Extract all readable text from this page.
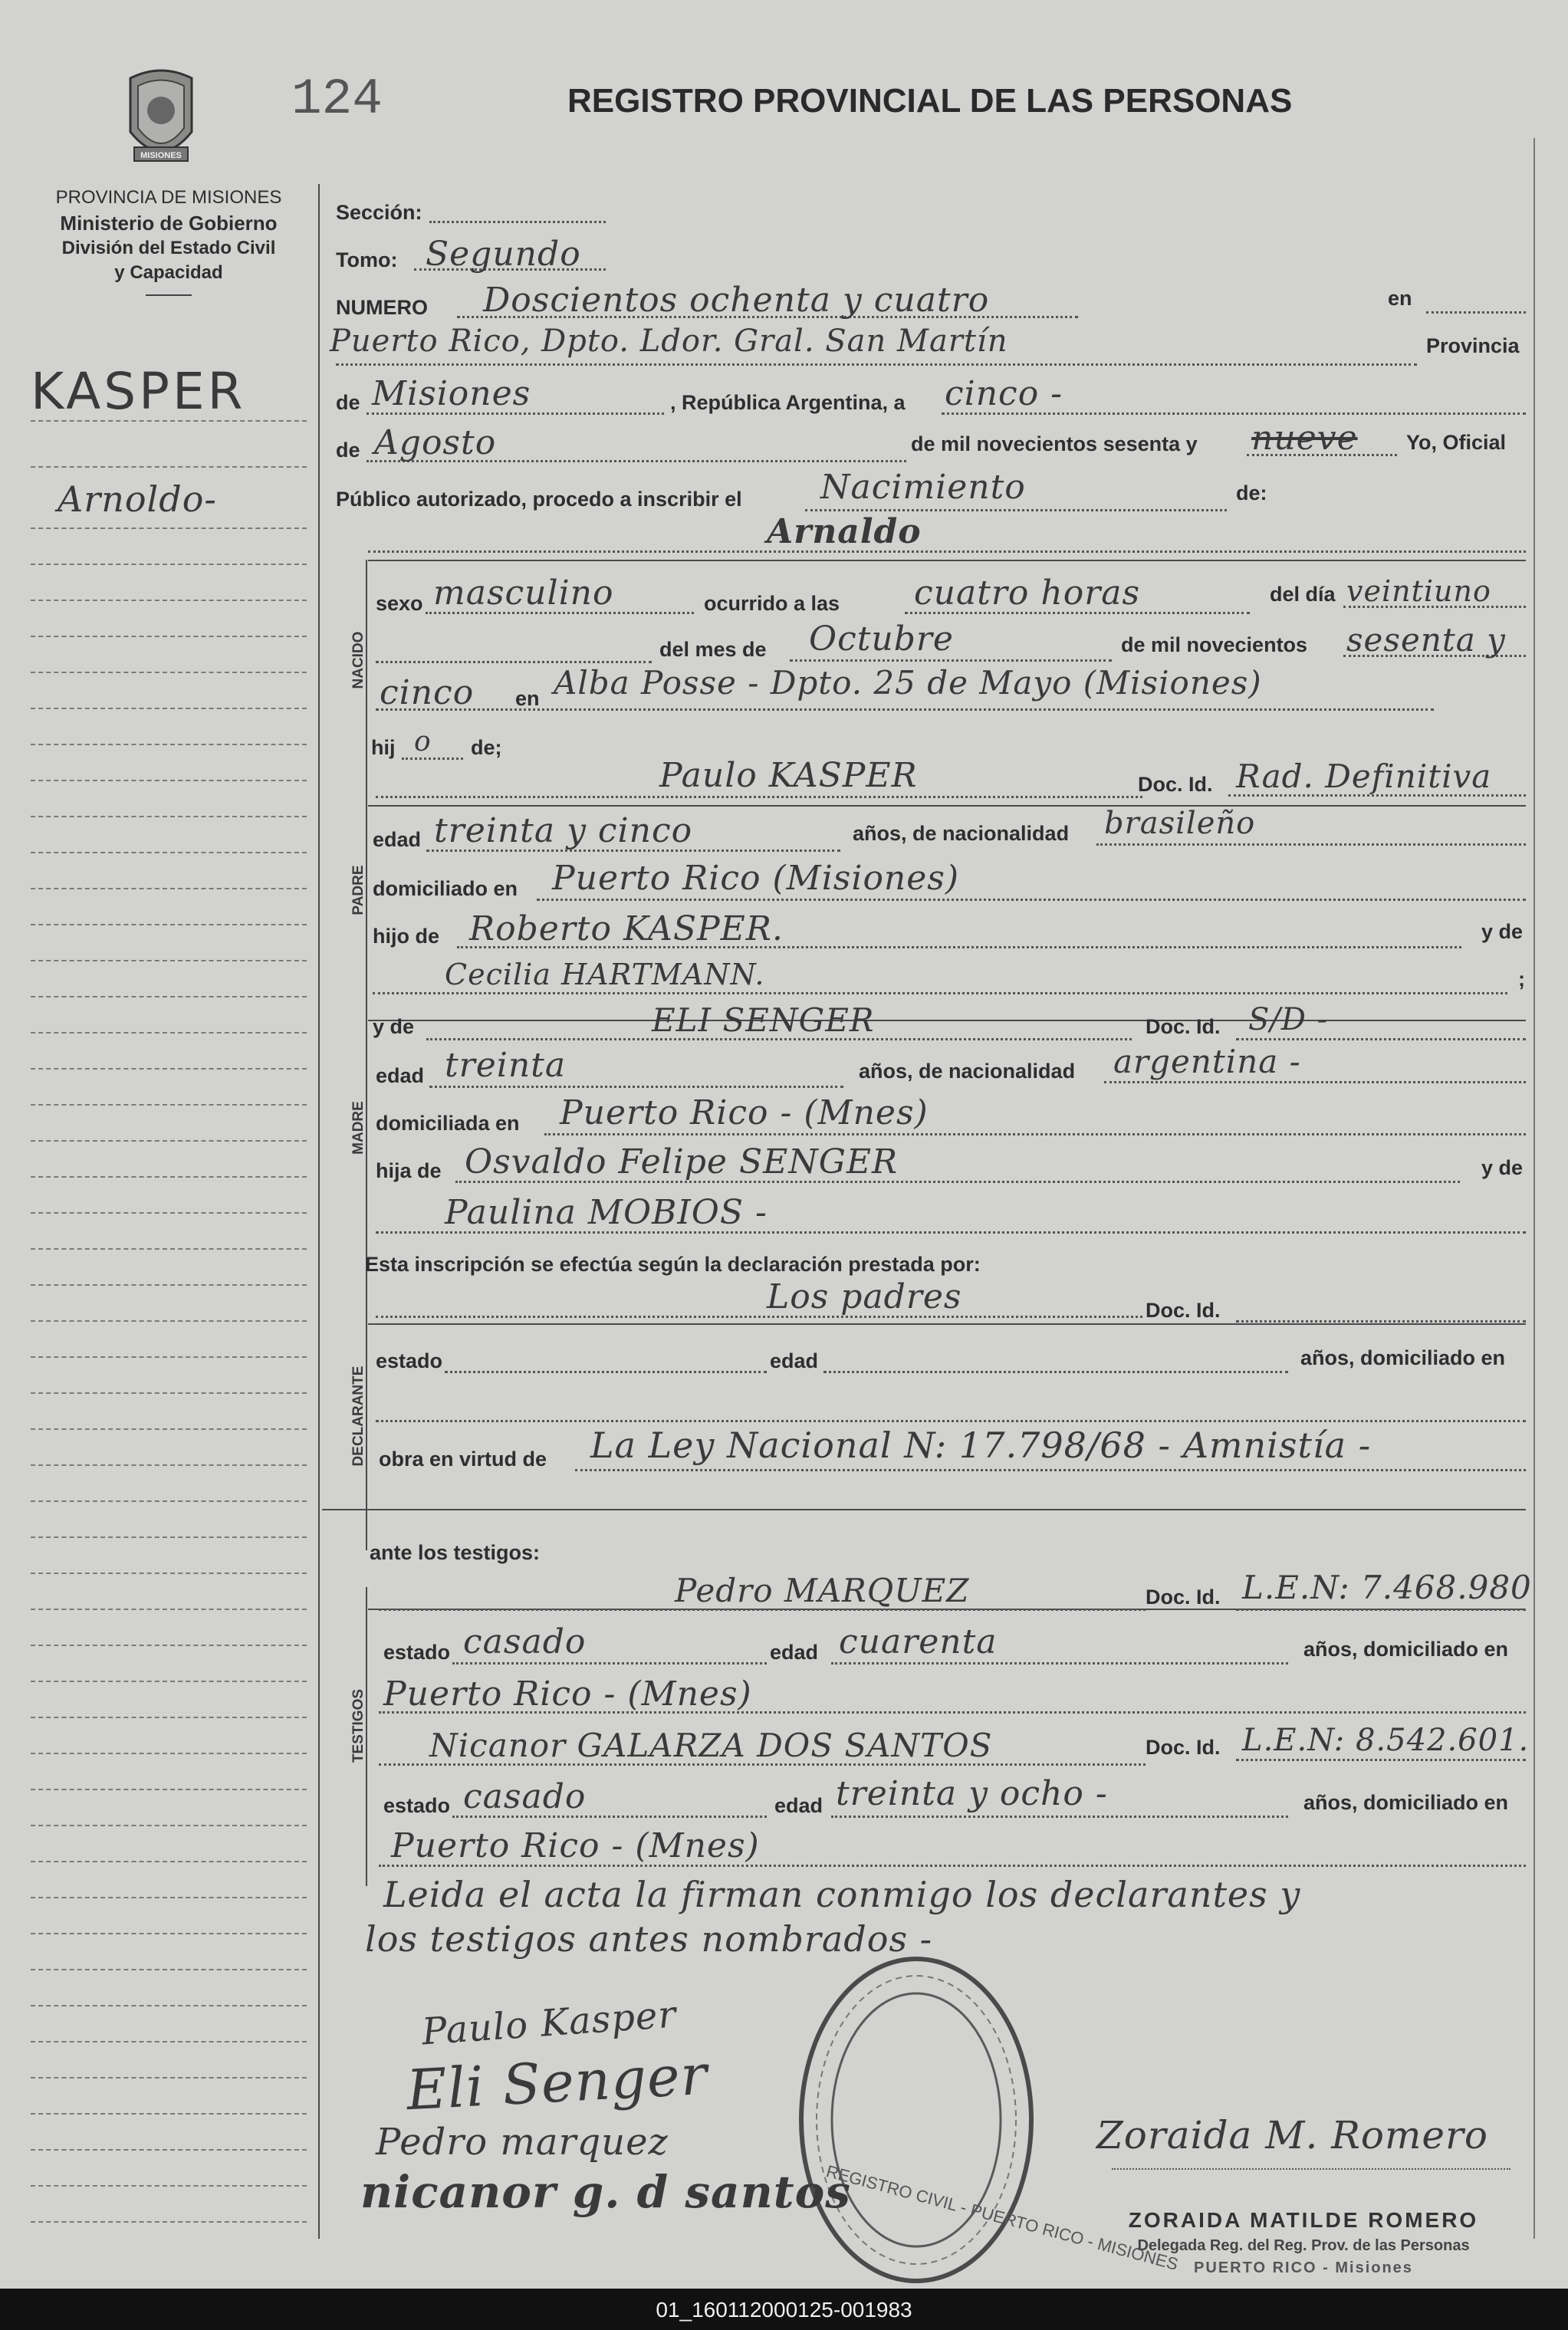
MISIONES
124	REGISTRO PROVINCIAL DE LAS PERSONAS
PROVINCIA DE MISIONES
Ministerio de Gobierno
División del Estado Civil
y Capacidad
KASPER
Arnoldo-
Sección:
Tomo: Segundo
NUMERO Doscientos ochenta y cuatro	en
Puerto Rico, Dpto. Ldor. Gral. San Martín	Provincia
de Misiones	, República Argentina, a cinco -
de Agosto	de mil novecientos sesenta y nueve Yo, Oficial
Público autorizado, procedo a inscribir el Nacimiento	de:
Arnaldo
NACIDO
sexo masculino	ocurrido a las cuatro horas	del día veintiuno
del mes de Octubre	de mil novecientos sesenta y
cinco en Alba Posse - Dpto. 25 de Mayo (Misiones)
hij o de;
Paulo KASPER	Doc. Id. Rad. Definitiva
PADRE
edad treinta y cinco	años, de nacionalidad brasileño
domiciliado en Puerto Rico (Misiones)
hijo de Roberto KASPER.	y de
Cecilia HARTMANN.	;
y de	ELI SENGER	Doc. Id. S/D -
MADRE
edad treinta	años, de nacionalidad argentina -
domiciliada en Puerto Rico - (Mnes)
hija de Osvaldo Felipe SENGER	y de
Paulina MOBIOS -
Esta inscripción se efectúa según la declaración prestada por:
Los padres	Doc. Id.
DECLARANTE
estado	edad	años, domiciliado en
obra en virtud de La Ley Nacional N: 17.798/68 - Amnistía -
ante los testigos:
TESTIGOS
Pedro MARQUEZ	Doc. Id. L.E.N: 7.468.980
estado casado	edad cuarenta	años, domiciliado en
Puerto Rico - (Mnes)
Nicanor GALARZA DOS SANTOS	Doc. Id. L.E.N: 8.542.601.
estado casado	edad treinta y ocho -	años, domiciliado en
Puerto Rico - (Mnes)
Leida el acta la firman conmigo los declarantes y
los testigos antes nombrados -
REGISTRO CIVIL - PUERTO RICO - MISIONES
Paulo Kasper
Eli Senger
Pedro marquez
nicanor g. d santos
Zoraida M. Romero
ZORAIDA MATILDE ROMERO
Delegada Reg. del Reg. Prov. de las Personas
PUERTO RICO - Misiones
01_160112000125-001983
